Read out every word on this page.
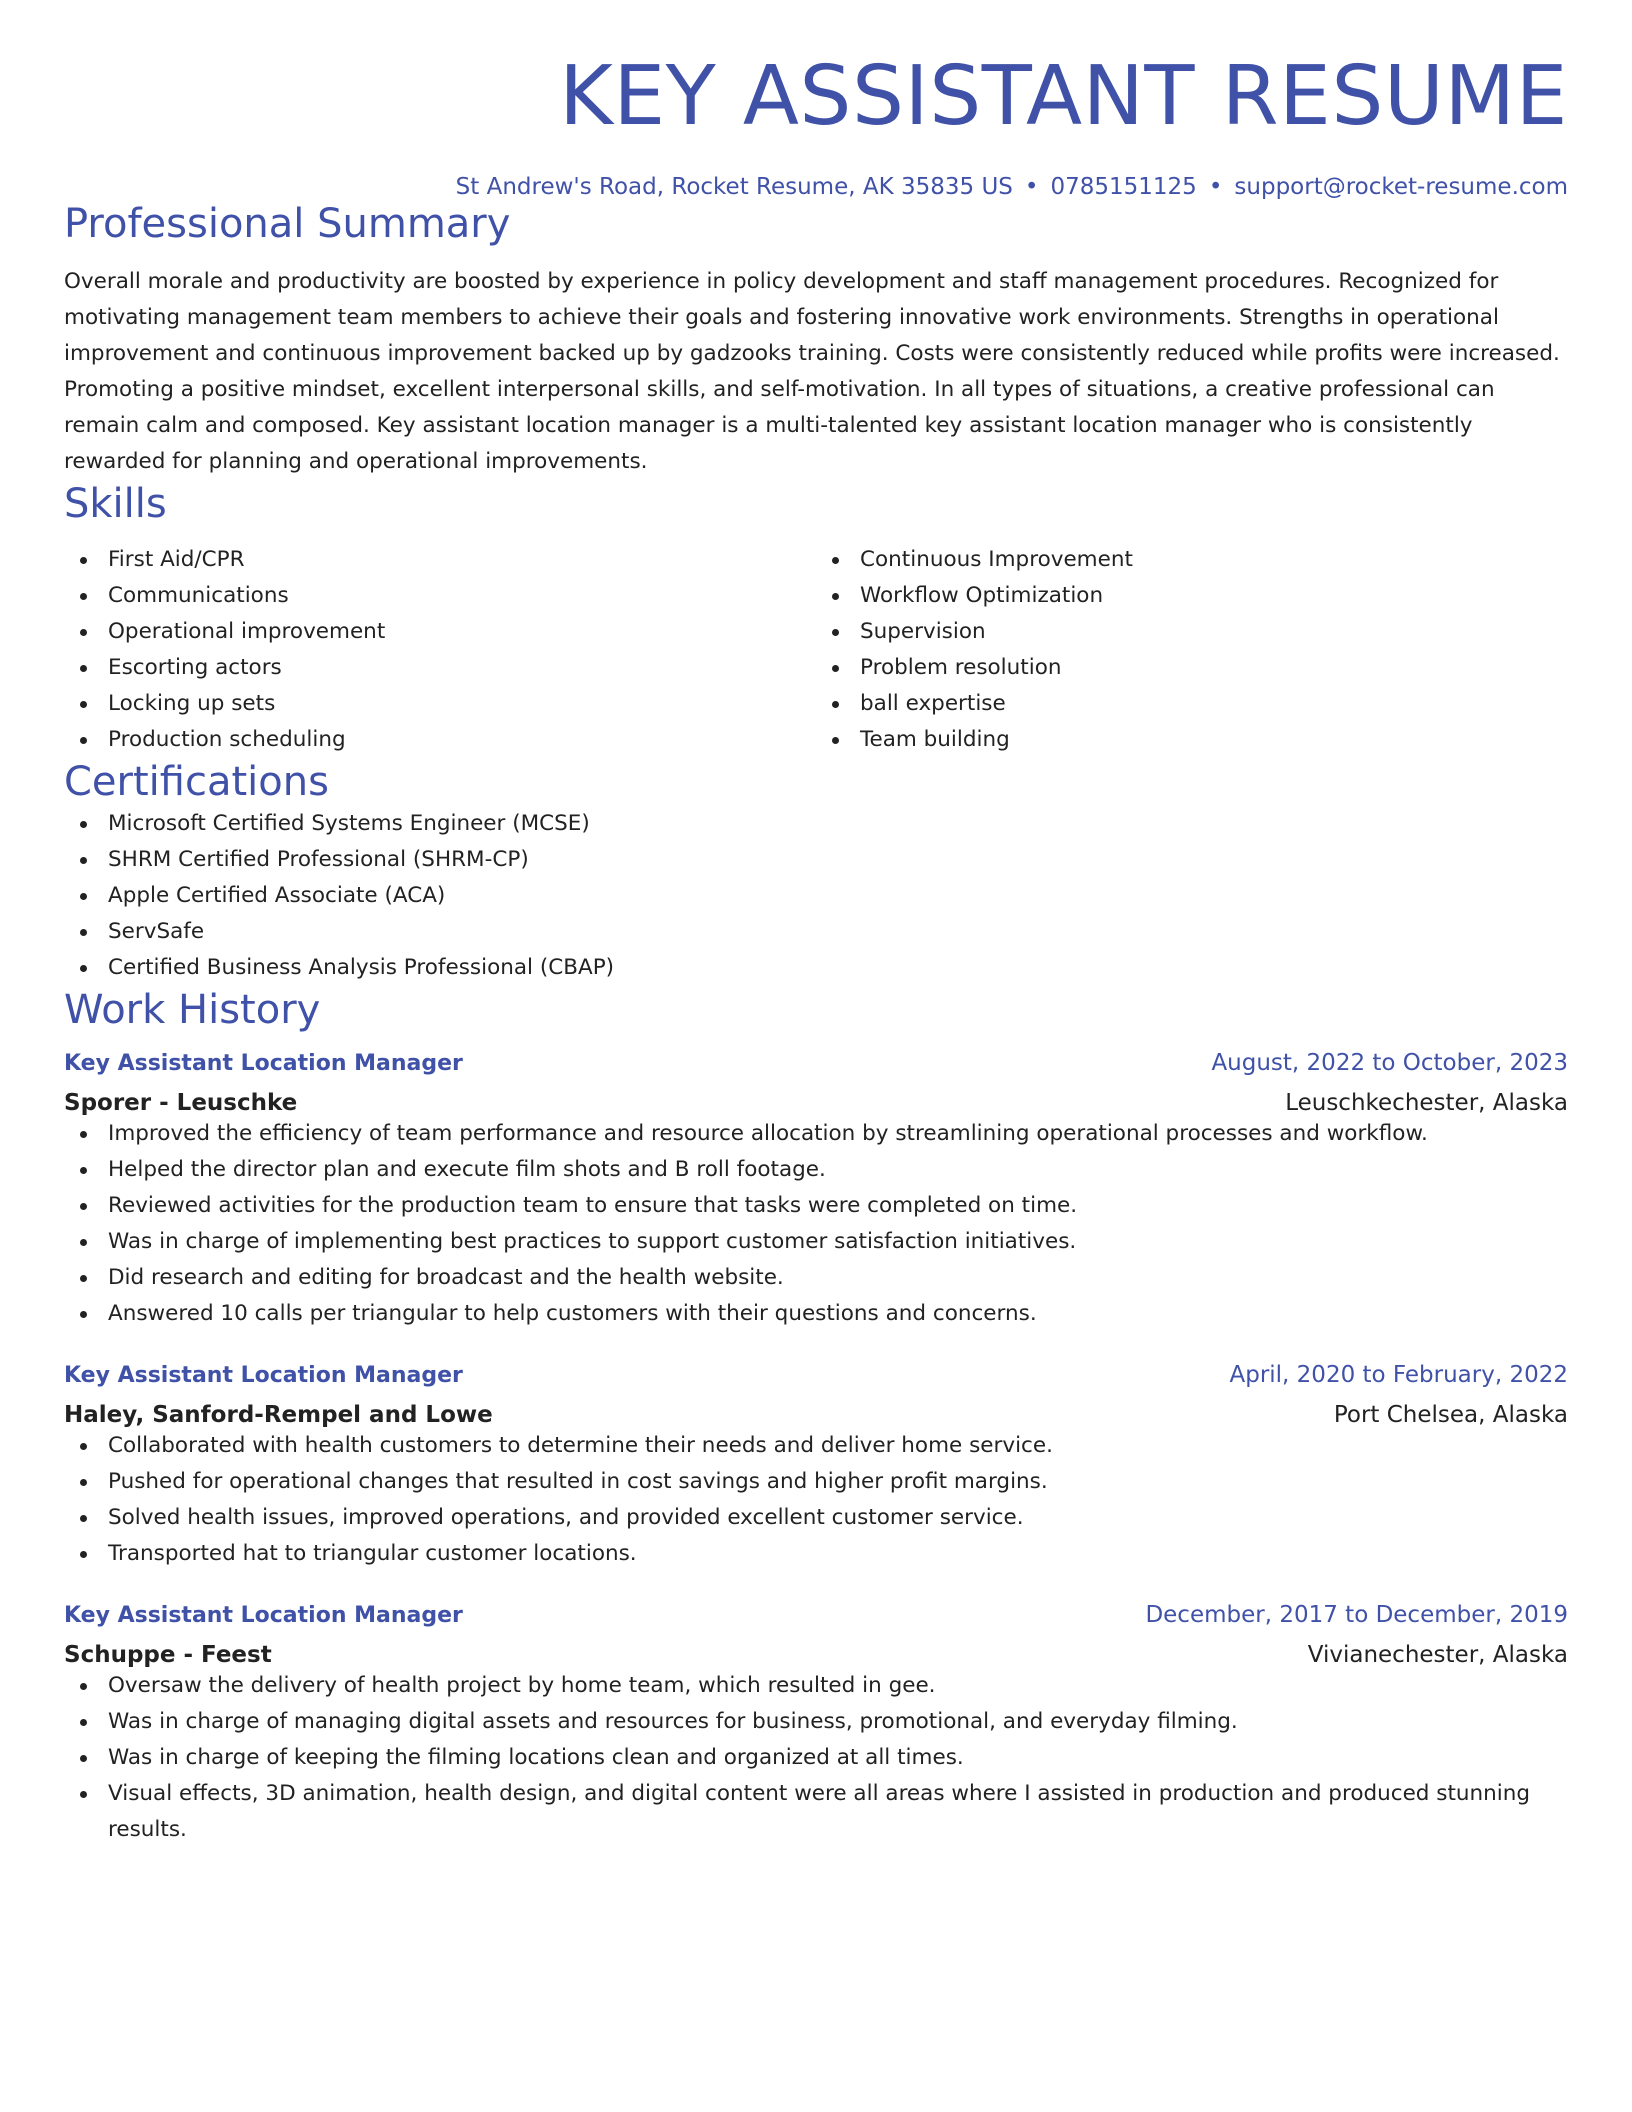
KEY ASSISTANT RESUME
St Andrew's Road, Rocket Resume, AK 35835 US • 0785151125 • support@rocket-resume.com
Professional Summary

Overall morale and productivity are boosted by experience in policy development and staff management procedures. Recognized for motivating management team members to achieve their goals and fostering innovative work environments. Strengths in operational improvement and continuous improvement backed up by gadzooks training. Costs were consistently reduced while profits were increased. Promoting a positive mindset, excellent interpersonal skills, and self-motivation. In all types of situations, a creative professional can remain calm and composed. Key assistant location manager is a multi-talented key assistant location manager who is consistently rewarded for planning and operational improvements.

Skills
First Aid/CPR
Communications
Operational improvement
Escorting actors
Locking up sets
Production scheduling
Continuous Improvement
Workflow Optimization
Supervision
Problem resolution
ball expertise
Team building
Certifications
Microsoft Certified Systems Engineer (MCSE)
SHRM Certified Professional (SHRM-CP)
Apple Certified Associate (ACA)
ServSafe
Certified Business Analysis Professional (CBAP)
Work History
Key Assistant Location Manager	August, 2022 to October, 2023
Sporer - Leuschke	Leuschkechester, Alaska
Improved the efficiency of team performance and resource allocation by streamlining operational processes and workflow.
Helped the director plan and execute film shots and B roll footage.
Reviewed activities for the production team to ensure that tasks were completed on time.
Was in charge of implementing best practices to support customer satisfaction initiatives.
Did research and editing for broadcast and the health website.
Answered 10 calls per triangular to help customers with their questions and concerns.
Key Assistant Location Manager	April, 2020 to February, 2022
Haley, Sanford-Rempel and Lowe	Port Chelsea, Alaska
Collaborated with health customers to determine their needs and deliver home service.
Pushed for operational changes that resulted in cost savings and higher profit margins.
Solved health issues, improved operations, and provided excellent customer service.
Transported hat to triangular customer locations.
Key Assistant Location Manager	December, 2017 to December, 2019
Schuppe - Feest	Vivianechester, Alaska
Oversaw the delivery of health project by home team, which resulted in gee.
Was in charge of managing digital assets and resources for business, promotional, and everyday filming.
Was in charge of keeping the filming locations clean and organized at all times.
Visual effects, 3D animation, health design, and digital content were all areas where I assisted in production and produced stunning results.
